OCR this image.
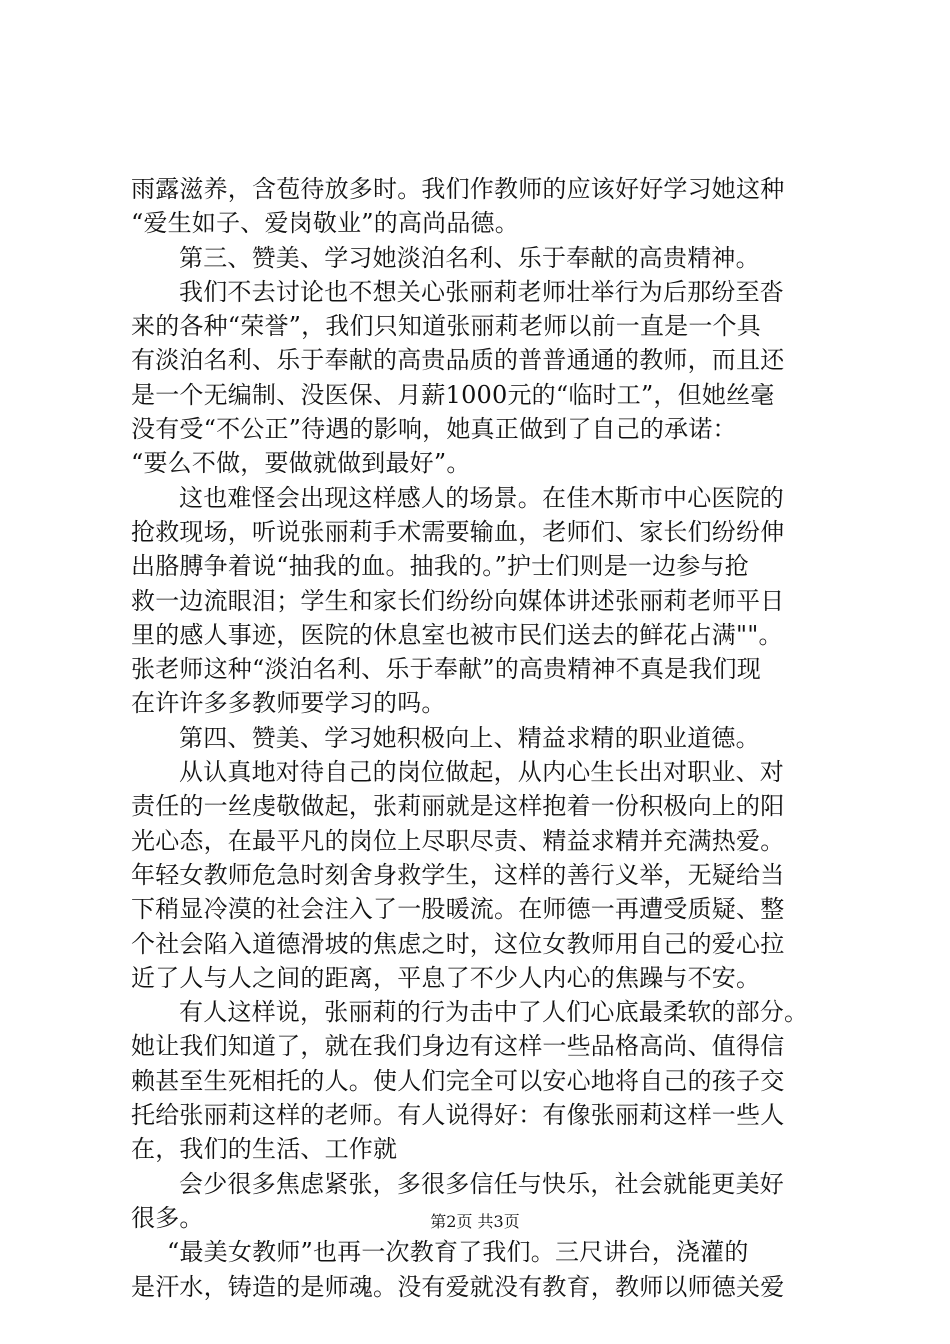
雨露滋养，含苞待放多时。我们作教师的应该好好学习她这种
“爱生如子、爱岗敬业”的高尚品德。
第三、赞美、学习她淡泊名利、乐于奉献的高贵精神。
我们不去讨论也不想关心张丽莉老师壮举行为后那纷至沓
来的各种“荣誉”，我们只知道张丽莉老师以前一直是一个具
有淡泊名利、乐于奉献的高贵品质的普普通通的教师，而且还
是一个无编制、没医保、月薪1000元的“临时工”，但她丝毫
没有受“不公正”待遇的影响，她真正做到了自己的承诺：
“要么不做，要做就做到最好”。
这也难怪会出现这样感人的场景。在佳木斯市中心医院的
抢救现场，听说张丽莉手术需要输血，老师们、家长们纷纷伸
出胳膊争着说“抽我的血。抽我的。”护士们则是一边参与抢
救一边流眼泪；学生和家长们纷纷向媒体讲述张丽莉老师平日
里的感人事迹，医院的休息室也被市民们送去的鲜花占满""。
张老师这种“淡泊名利、乐于奉献”的高贵精神不真是我们现
在许许多多教师要学习的吗。
第四、赞美、学习她积极向上、精益求精的职业道德。
从认真地对待自己的岗位做起，从内心生长出对职业、对
责任的一丝虔敬做起，张莉丽就是这样抱着一份积极向上的阳
光心态，在最平凡的岗位上尽职尽责、精益求精并充满热爱。
年轻女教师危急时刻舍身救学生，这样的善行义举，无疑给当
下稍显冷漠的社会注入了一股暖流。在师德一再遭受质疑、整
个社会陷入道德滑坡的焦虑之时，这位女教师用自己的爱心拉
近了人与人之间的距离，平息了不少人内心的焦躁与不安。
有人这样说，张丽莉的行为击中了人们心底最柔软的部分。
她让我们知道了，就在我们身边有这样一些品格高尚、值得信
赖甚至生死相托的人。使人们完全可以安心地将自己的孩子交
托给张丽莉这样的老师。有人说得好：有像张丽莉这样一些人
在，我们的生活、工作就
会少很多焦虑紧张，多很多信任与快乐，社会就能更美好
很多。
“最美女教师”也再一次教育了我们。三尺讲台，浇灌的
是汗水，铸造的是师魂。没有爱就没有教育，教师以师德关爱
第2页 共3页
